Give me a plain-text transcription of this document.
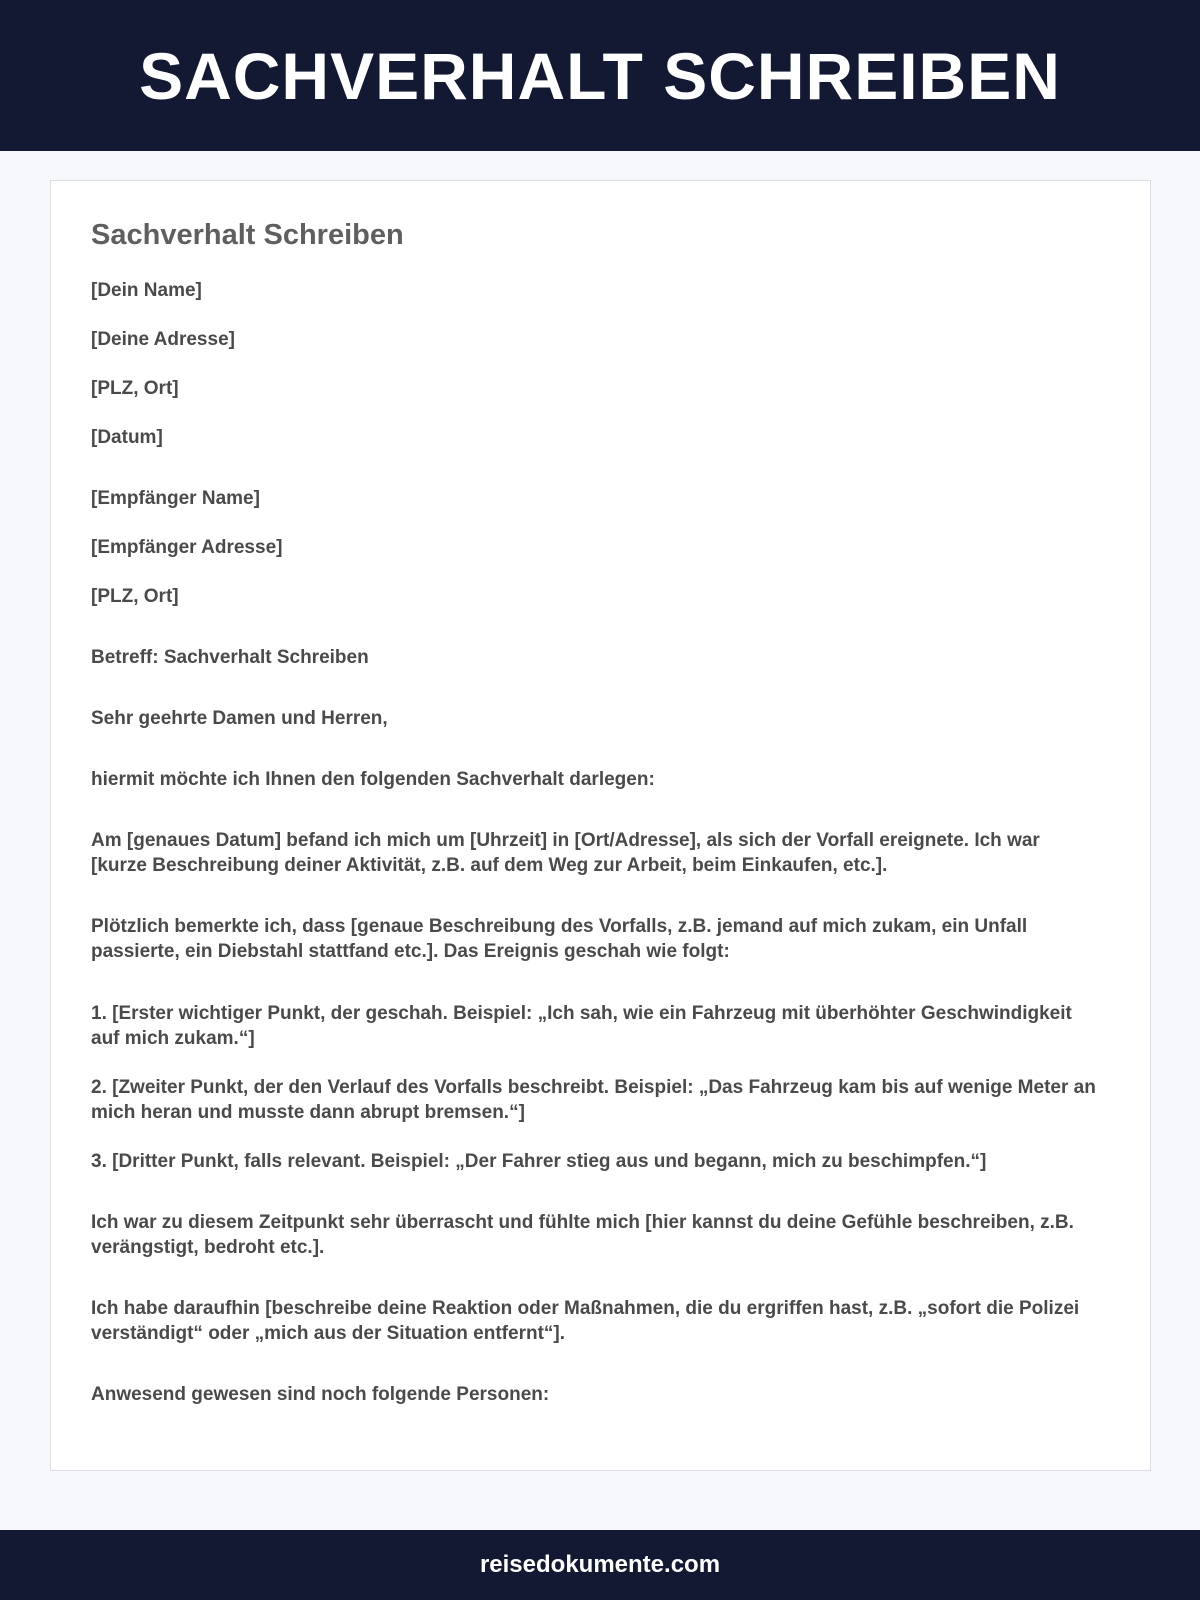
SACHVERHALT SCHREIBEN
Sachverhalt Schreiben
[Dein Name]
[Deine Adresse]
[PLZ, Ort]
[Datum]
[Empfänger Name]
[Empfänger Adresse]
[PLZ, Ort]
Betreff: Sachverhalt Schreiben
Sehr geehrte Damen und Herren,
hiermit möchte ich Ihnen den folgenden Sachverhalt darlegen:
Am [genaues Datum] befand ich mich um [Uhrzeit] in [Ort/Adresse], als sich der Vorfall ereignete. Ich war [kurze Beschreibung deiner Aktivität, z.B. auf dem Weg zur Arbeit, beim Einkaufen, etc.].
Plötzlich bemerkte ich, dass [genaue Beschreibung des Vorfalls, z.B. jemand auf mich zukam, ein Unfall passierte, ein Diebstahl stattfand etc.]. Das Ereignis geschah wie folgt:
1. [Erster wichtiger Punkt, der geschah. Beispiel: „Ich sah, wie ein Fahrzeug mit überhöhter Geschwindigkeit auf mich zukam.“]
2. [Zweiter Punkt, der den Verlauf des Vorfalls beschreibt. Beispiel: „Das Fahrzeug kam bis auf wenige Meter an mich heran und musste dann abrupt bremsen.“]
3. [Dritter Punkt, falls relevant. Beispiel: „Der Fahrer stieg aus und begann, mich zu beschimpfen.“]
Ich war zu diesem Zeitpunkt sehr überrascht und fühlte mich [hier kannst du deine Gefühle beschreiben, z.B. verängstigt, bedroht etc.].
Ich habe daraufhin [beschreibe deine Reaktion oder Maßnahmen, die du ergriffen hast, z.B. „sofort die Polizei verständigt“ oder „mich aus der Situation entfernt“].
Anwesend gewesen sind noch folgende Personen:
reisedokumente.com
